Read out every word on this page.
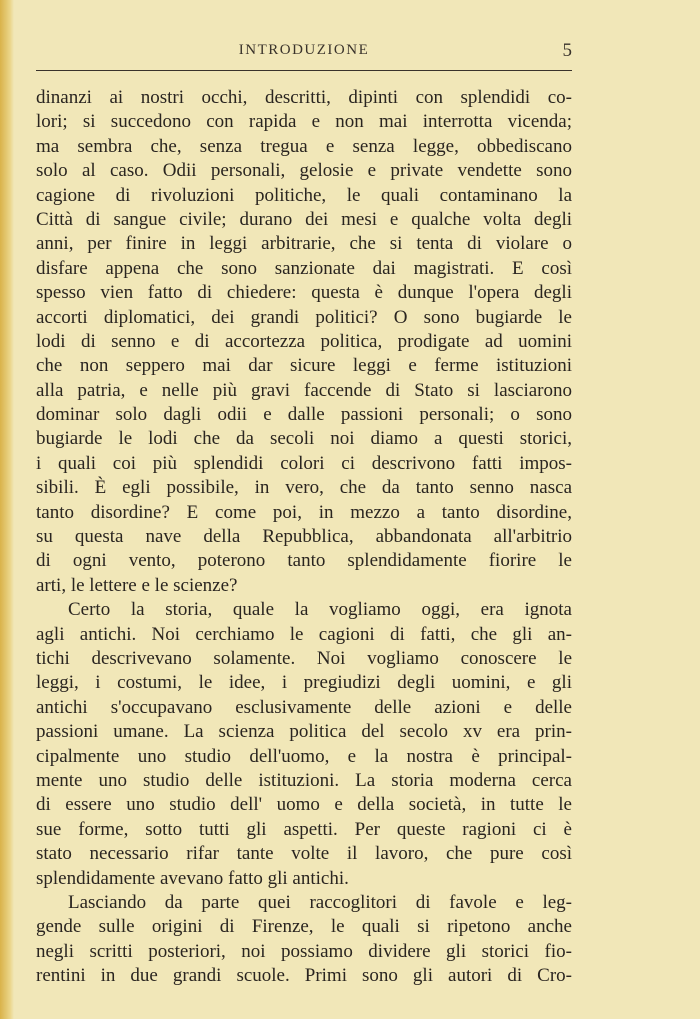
INTRODUZIONE	5
dinanzi ai nostri occhi, descritti, dipinti con splendidi co-
lori; si succedono con rapida e non mai interrotta vicenda;
ma sembra che, senza tregua e senza legge, obbediscano
solo al caso. Odii personali, gelosie e private vendette sono
cagione di rivoluzioni politiche, le quali contaminano la
Città di sangue civile; durano dei mesi e qualche volta degli
anni, per finire in leggi arbitrarie, che si tenta di violare o
disfare appena che sono sanzionate dai magistrati. E così
spesso vien fatto di chiedere: questa è dunque l'opera degli
accorti diplomatici, dei grandi politici? O sono bugiarde le
lodi di senno e di accortezza politica, prodigate ad uomini
che non seppero mai dar sicure leggi e ferme istituzioni
alla patria, e nelle più gravi faccende di Stato si lasciarono
dominar solo dagli odii e dalle passioni personali; o sono
bugiarde le lodi che da secoli noi diamo a questi storici,
i quali coi più splendidi colori ci descrivono fatti impos-
sibili. È egli possibile, in vero, che da tanto senno nasca
tanto disordine? E come poi, in mezzo a tanto disordine,
su questa nave della Repubblica, abbandonata all'arbitrio
di ogni vento, poterono tanto splendidamente fiorire le
arti, le lettere e le scienze?
Certo la storia, quale la vogliamo oggi, era ignota
agli antichi. Noi cerchiamo le cagioni di fatti, che gli an-
tichi descrivevano solamente. Noi vogliamo conoscere le
leggi, i costumi, le idee, i pregiudizi degli uomini, e gli
antichi s'occupavano esclusivamente delle azioni e delle
passioni umane. La scienza politica del secolo xv era prin-
cipalmente uno studio dell'uomo, e la nostra è principal-
mente uno studio delle istituzioni. La storia moderna cerca
di essere uno studio dell' uomo e della società, in tutte le
sue forme, sotto tutti gli aspetti. Per queste ragioni ci è
stato necessario rifar tante volte il lavoro, che pure così
splendidamente avevano fatto gli antichi.
Lasciando da parte quei raccoglitori di favole e leg-
gende sulle origini di Firenze, le quali si ripetono anche
negli scritti posteriori, noi possiamo dividere gli storici fio-
rentini in due grandi scuole. Primi sono gli autori di Cro-
